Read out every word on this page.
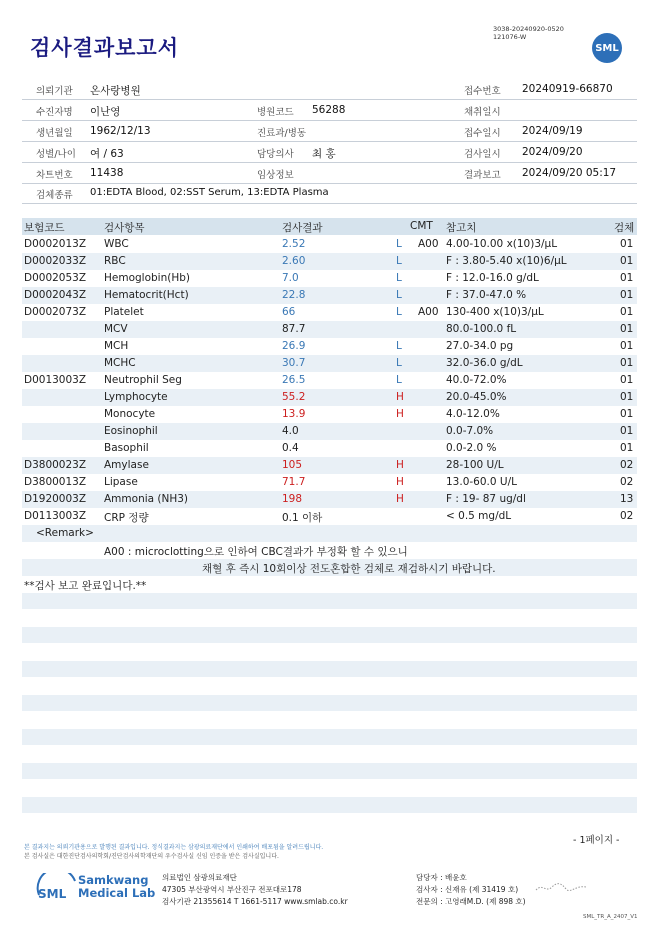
검사결과보고서
3038-20240920-0520
121076-W
SML
의뢰기관 온사랑병원	접수번호 20240919-66870
수진자명 이난영	병원코드 56288	채취일시
생년월일 1962/12/13	진료과/병동	접수일시 2024/09/19
성별/나이 여 / 63	담당의사 최 홍	검사일시 2024/09/20
차트번호 11438	임상정보	결과보고 2024/09/20 05:17
검체종류 01:EDTA Blood, 02:SST Serum, 13:EDTA Plasma
보험코드	검사항목	검사결과	CMT 참고치	검체
D0002013Z WBC	2.52	L A00 4.00-10.00 x(10)3/μL	01
D0002033Z RBC	2.60	L	F : 3.80-5.40 x(10)6/μL	01
D0002053Z Hemoglobin(Hb)	7.0	L	F : 12.0-16.0 g/dL	01
D0002043Z Hematocrit(Hct)	22.8	L	F : 37.0-47.0 %	01
D0002073Z Platelet	66	L A00 130-400 x(10)3/μL	01
MCV	87.7	80.0-100.0 fL	01
MCH	26.9	L	27.0-34.0 pg	01
MCHC	30.7	L	32.0-36.0 g/dL	01
D0013003Z Neutrophil Seg	26.5	L	40.0-72.0%	01
Lymphocyte	55.2	H	20.0-45.0%	01
Monocyte	13.9	H	4.0-12.0%	01
Eosinophil	4.0	0.0-7.0%	01
Basophil	0.4	0.0-2.0 %	01
D3800023Z Amylase	105	H	28-100 U/L	02
D3800013Z Lipase	71.7	H	13.0-60.0 U/L	02
D1920003Z Ammonia (NH3)	198	H	F : 19- 87 ug/dl	13
D0113003Z CRP 정량	0.1 이하	< 0.5 mg/dL	02
<Remark>
A00 : microclotting으로 인하여 CBC결과가 부정확 할 수 있으니
채혈 후 즉시 10회이상 전도혼합한 검체로 재검하시기 바랍니다.
**검사 보고 완료입니다.**
- 1페이지 -
본 결과지는 의뢰기관용으로 발행된 결과입니다. 정식결과지는 삼광의료재단에서 인쇄하여 배포됨을 알려드립니다.
본 검사실은 대한진단검사의학회/진단검사의학재단의 우수검사실 신임 인증을 받은 검사실입니다.
SML
Samkwang
Medical Lab
의료법인 삼광의료재단
47305 부산광역시 부산진구 전포대로178
검사기관 21355614 T 1661-5117 www.smlab.co.kr
담당자 : 배윤호
검사자 : 신재유 (제 31419 호)
전문의 : 고영래M.D. (제 898 호)
SML_TR_A_2407_V1
